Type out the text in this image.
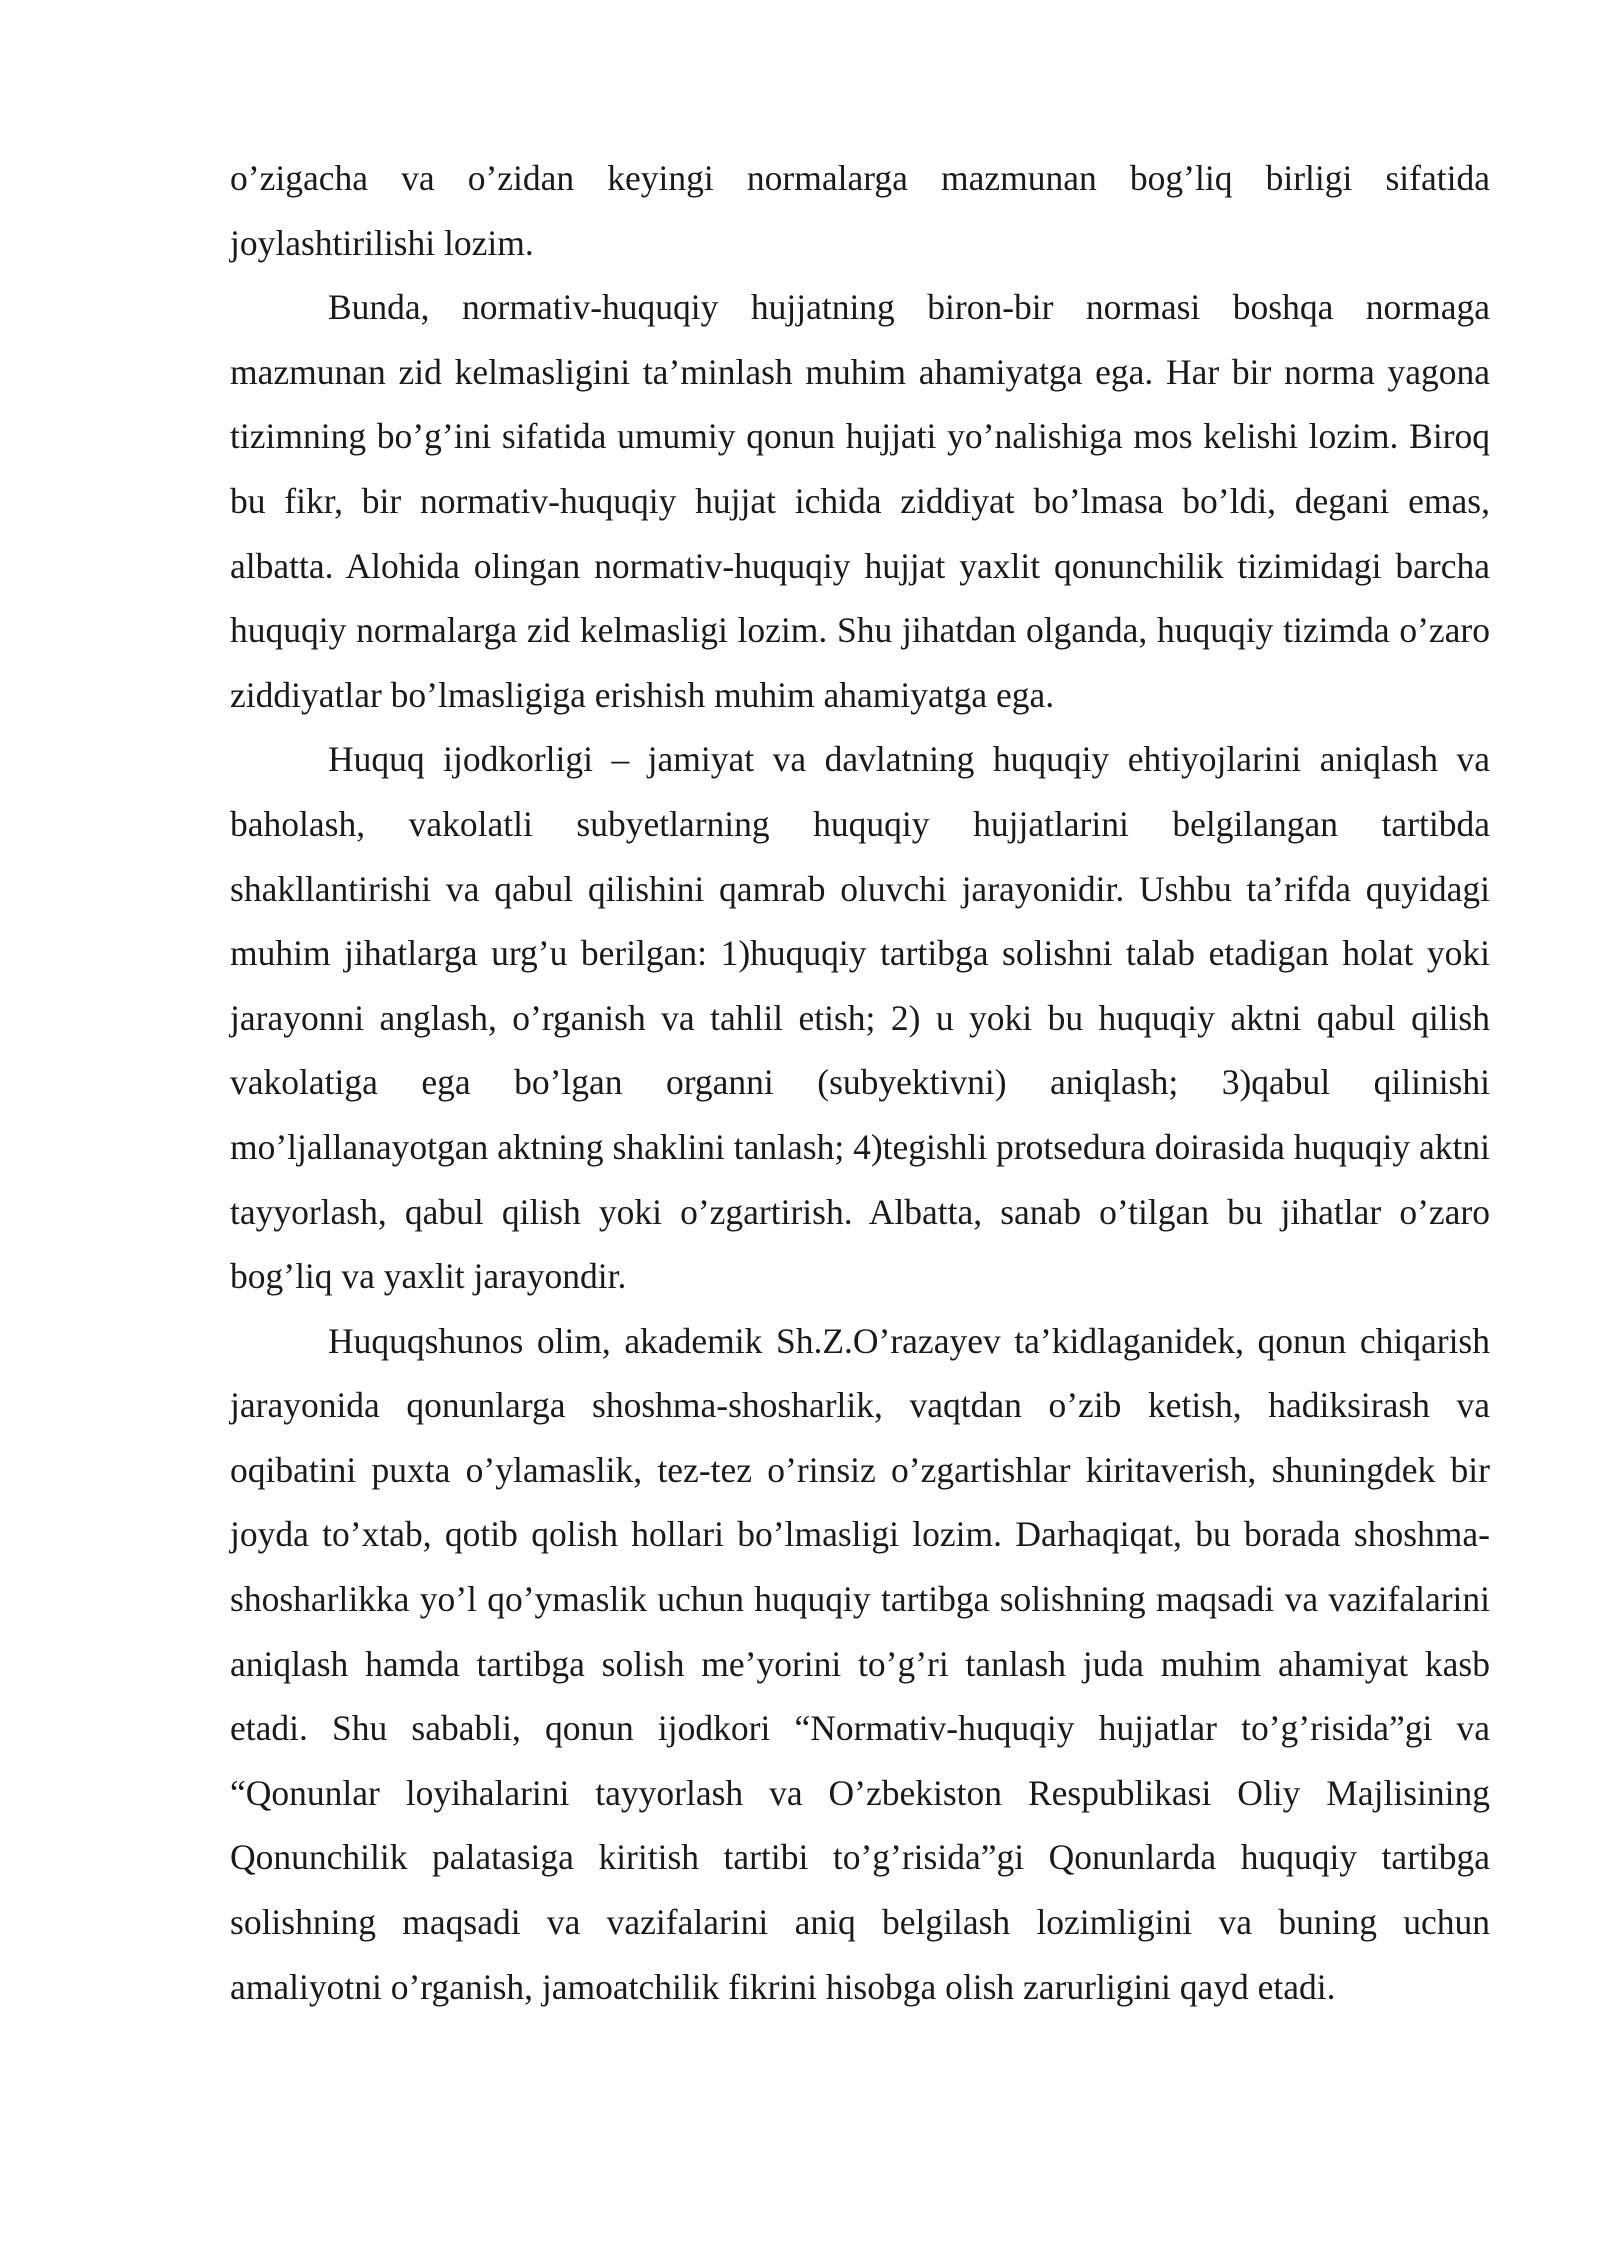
o’zigacha va o’zidan keyingi normalarga mazmunan bog’liq birligi sifatida joylashtirilishi lozim.

Bunda, normativ-huquqiy hujjatning biron-bir normasi boshqa normaga mazmunan zid kelmasligini ta’minlash muhim ahamiyatga ega. Har bir norma yagona tizimning bo’g’ini sifatida umumiy qonun hujjati yo’nalishiga mos kelishi lozim. Biroq bu fikr, bir normativ-huquqiy hujjat ichida ziddiyat bo’lmasa bo’ldi, degani emas, albatta. Alohida olingan normativ-huquqiy hujjat yaxlit qonunchilik tizimidagi barcha huquqiy normalarga zid kelmasligi lozim. Shu jihatdan olganda, huquqiy tizimda o’zaro ziddiyatlar bo’lmasligiga erishish muhim ahamiyatga ega.

Huquq ijodkorligi – jamiyat va davlatning huquqiy ehtiyojlarini aniqlash va baholash, vakolatli subyetlarning huquqiy hujjatlarini belgilangan tartibda shakllantirishi va qabul qilishini qamrab oluvchi jarayonidir. Ushbu ta’rifda quyidagi muhim jihatlarga urg’u berilgan: 1)huquqiy tartibga solishni talab etadigan holat yoki jarayonni anglash, o’rganish va tahlil etish; 2) u yoki bu huquqiy aktni qabul qilish vakolatiga ega bo’lgan organni (subyektivni) aniqlash; 3)qabul qilinishi mo’ljallanayotgan aktning shaklini tanlash; 4)tegishli protsedura doirasida huquqiy aktni tayyorlash, qabul qilish yoki o’zgartirish. Albatta, sanab o’tilgan bu jihatlar o’zaro bog’liq va yaxlit jarayondir.

Huquqshunos olim, akademik Sh.Z.O’razayev ta’kidlaganidek, qonun chiqarish jarayonida qonunlarga shoshma-shosharlik, vaqtdan o’zib ketish, hadiksirash va oqibatini puxta o’ylamaslik, tez-tez o’rinsiz o’zgartishlar kiritaverish, shuningdek bir joyda to’xtab, qotib qolish hollari bo’lmasligi lozim. Darhaqiqat, bu borada shoshma-shosharlikka yo’l qo’ymaslik uchun huquqiy tartibga solishning maqsadi va vazifalarini aniqlash hamda tartibga solish me’yorini to’g’ri tanlash juda muhim ahamiyat kasb etadi. Shu sababli, qonun ijodkori “Normativ-huquqiy hujjatlar to’g’risida”gi va “Qonunlar loyihalarini tayyorlash va O’zbekiston Respublikasi Oliy Majlisining Qonunchilik palatasiga kiritish tartibi to’g’risida”gi Qonunlarda huquqiy tartibga solishning maqsadi va vazifalarini aniq belgilash lozimligini va buning uchun amaliyotni o’rganish, jamoatchilik fikrini hisobga olish zarurligini qayd etadi.
